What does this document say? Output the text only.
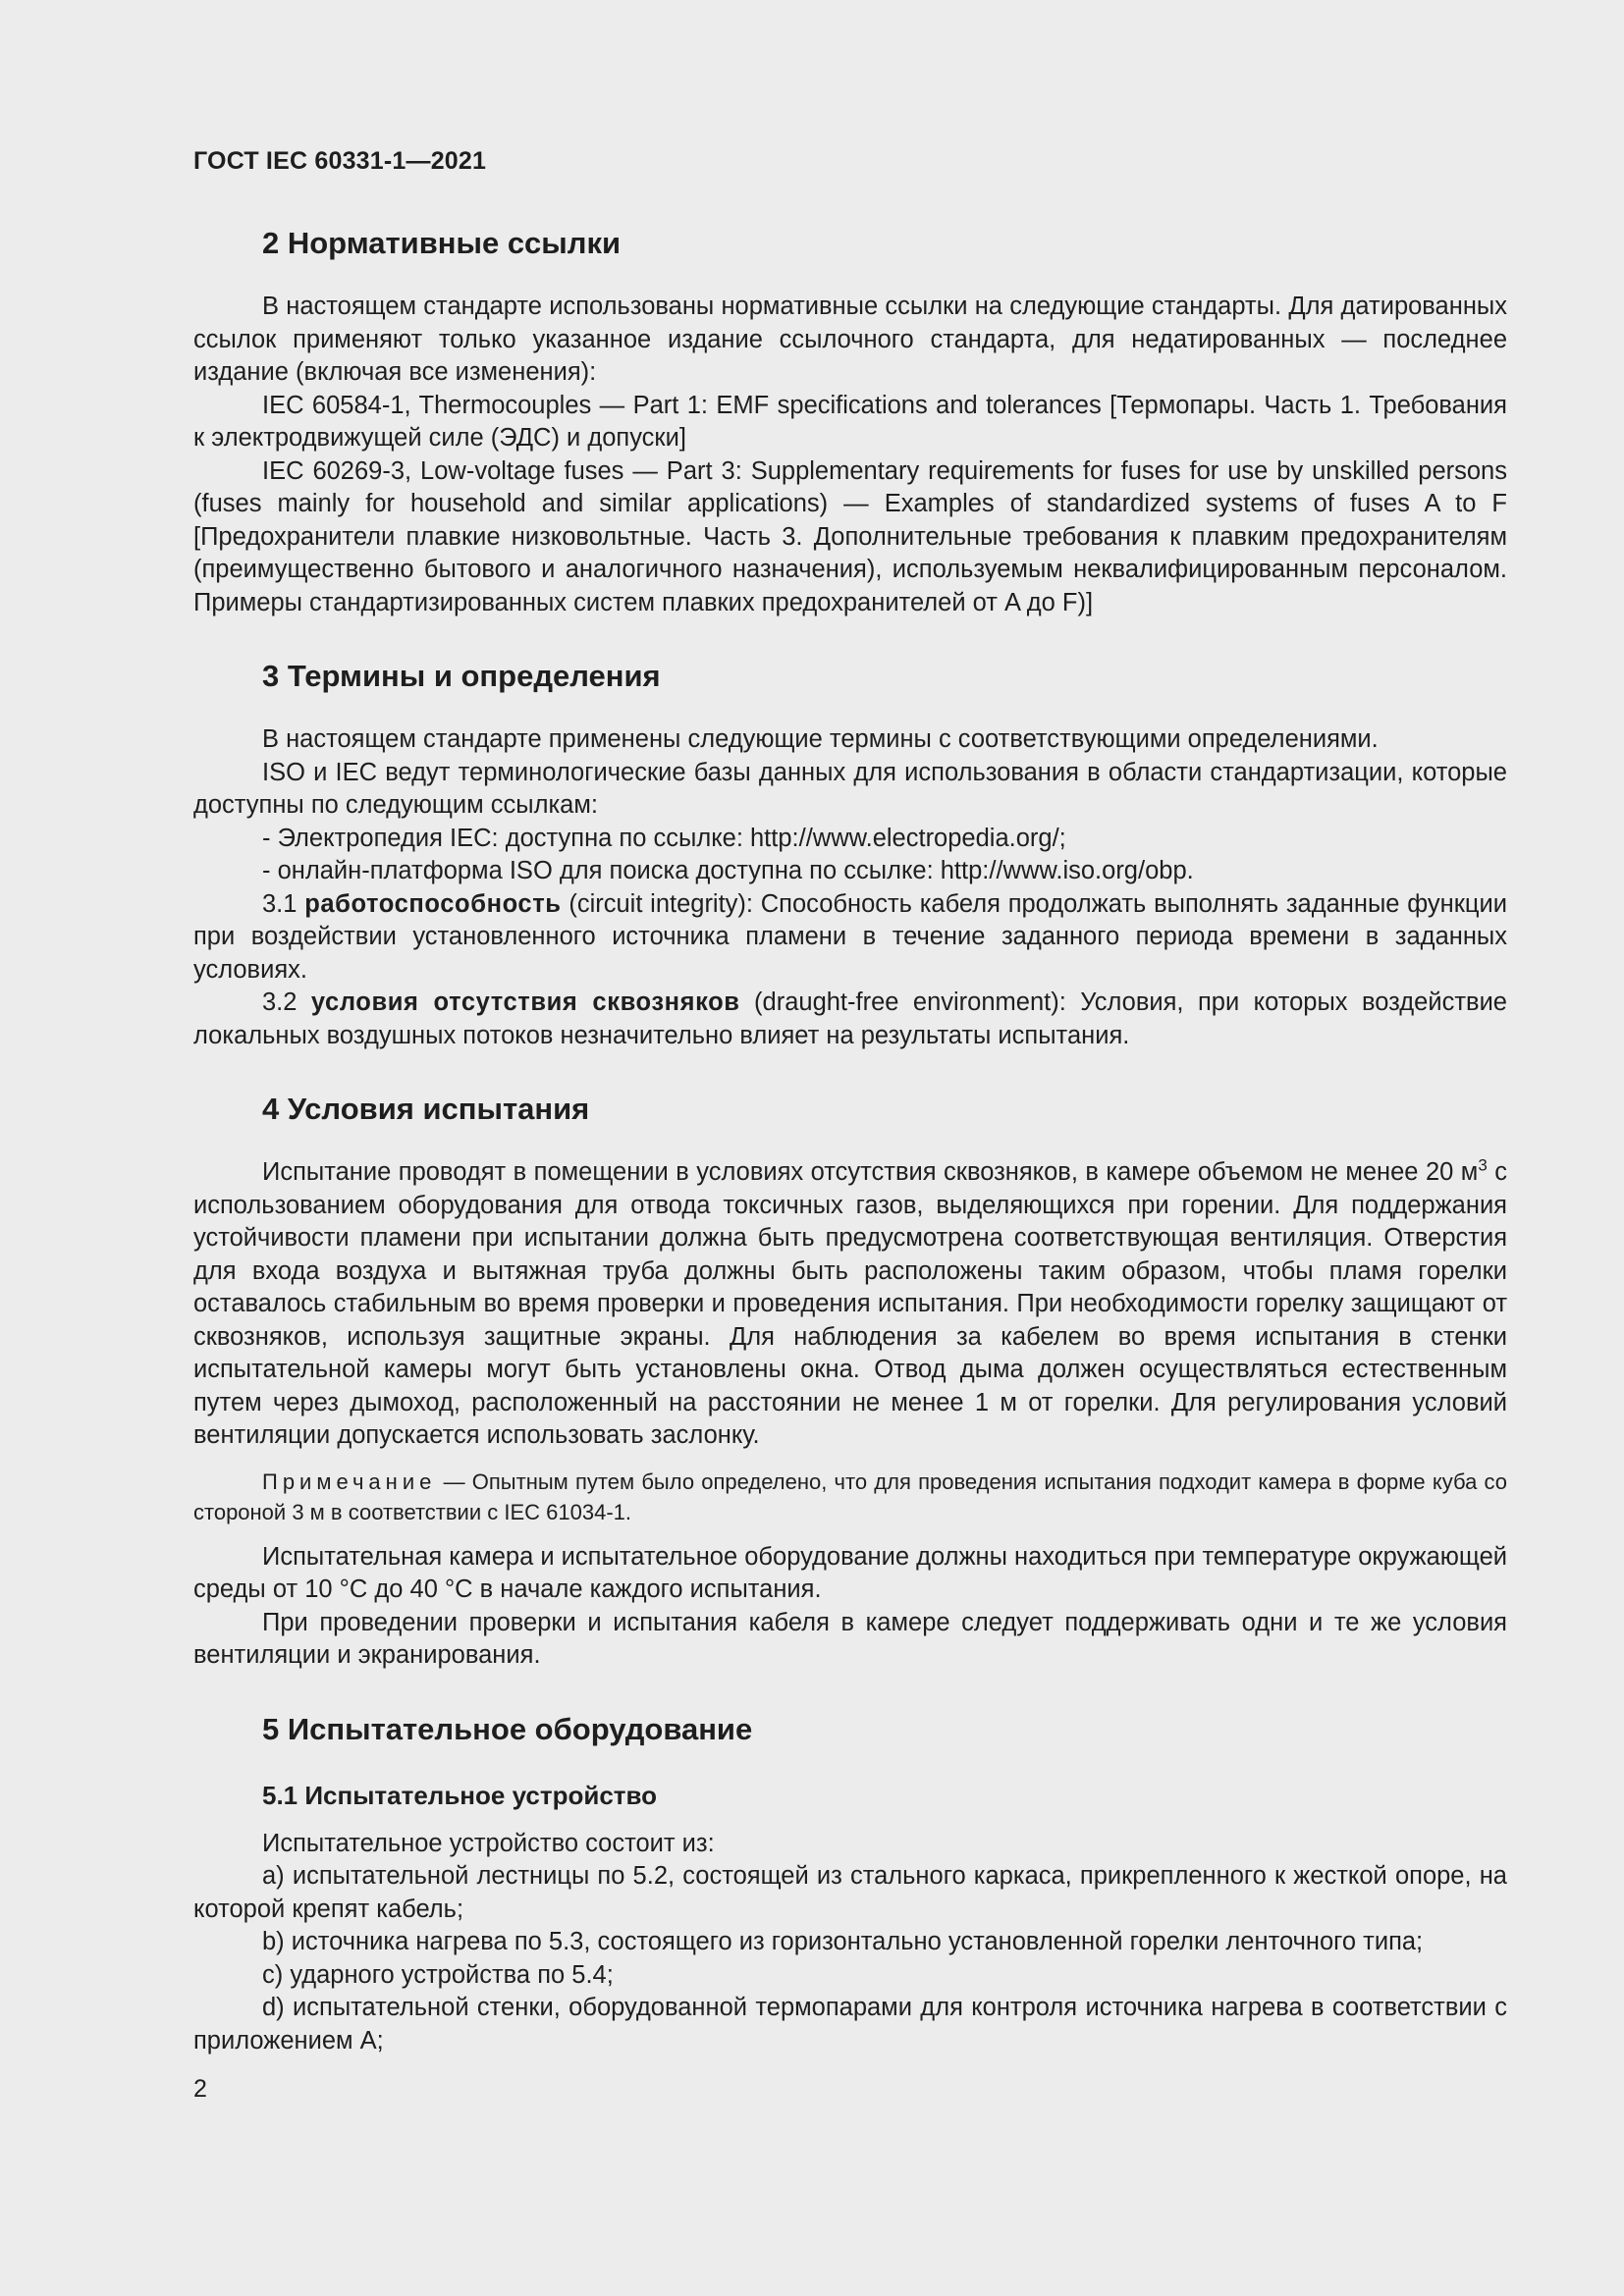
ГОСТ IEC 60331-1—2021
2 Нормативные ссылки

В настоящем стандарте использованы нормативные ссылки на следующие стандарты. Для датированных ссылок применяют только указанное издание ссылочного стандарта, для недатированных — последнее издание (включая все изменения):

IEC 60584-1, Thermocouples — Part 1: EMF specifications and tolerances [Термопары. Часть 1. Требования к электродвижущей силе (ЭДС) и допуски]

IEC 60269-3, Low-voltage fuses — Part 3: Supplementary requirements for fuses for use by unskilled persons (fuses mainly for household and similar applications) — Examples of standardized systems of fuses A to F [Предохранители плавкие низковольтные. Часть 3. Дополнительные требования к плавким предохранителям (преимущественно бытового и аналогичного назначения), используемым неквалифицированным персоналом. Примеры стандартизированных систем плавких предохранителей от A до F)]

3 Термины и определения

В настоящем стандарте применены следующие термины с соответствующими определениями.

ISO и IEC ведут терминологические базы данных для использования в области стандартизации, которые доступны по следующим ссылкам:

- Электропедия IEC: доступна по ссылке: http://www.electropedia.org/;

- онлайн-платформа ISO для поиска доступна по ссылке: http://www.iso.org/obp.

3.1 работоспособность (circuit integrity): Способность кабеля продолжать выполнять заданные функции при воздействии установленного источника пламени в течение заданного периода времени в заданных условиях.

3.2 условия отсутствия сквозняков (draught-free environment): Условия, при которых воздействие локальных воздушных потоков незначительно влияет на результаты испытания.

4 Условия испытания

Испытание проводят в помещении в условиях отсутствия сквозняков, в камере объемом не менее 20 $м^3$ с использованием оборудования для отвода токсичных газов, выделяющихся при горении. Для поддержания устойчивости пламени при испытании должна быть предусмотрена соответствующая вентиляция. Отверстия для входа воздуха и вытяжная труба должны быть расположены таким образом, чтобы пламя горелки оставалось стабильным во время проверки и проведения испытания. При необходимости горелку защищают от сквозняков, используя защитные экраны. Для наблюдения за кабелем во время испытания в стенки испытательной камеры могут быть установлены окна. Отвод дыма должен осуществляться естественным путем через дымоход, расположенный на расстоянии не менее 1 м от горелки. Для регулирования условий вентиляции допускается использовать заслонку.

Примечание — Опытным путем было определено, что для проведения испытания подходит камера в форме куба со стороной 3 м в соответствии с IEC 61034-1.

Испытательная камера и испытательное оборудование должны находиться при температуре окружающей среды от 10 °C до 40 °C в начале каждого испытания.

При проведении проверки и испытания кабеля в камере следует поддерживать одни и те же условия вентиляции и экранирования.

5 Испытательное оборудование
5.1 Испытательное устройство

Испытательное устройство состоит из:

a) испытательной лестницы по 5.2, состоящей из стального каркаса, прикрепленного к жесткой опоре, на которой крепят кабель;

b) источника нагрева по 5.3, состоящего из горизонтально установленной горелки ленточного типа;

c) ударного устройства по 5.4;

d) испытательной стенки, оборудованной термопарами для контроля источника нагрева в соответствии с приложением A;

2
